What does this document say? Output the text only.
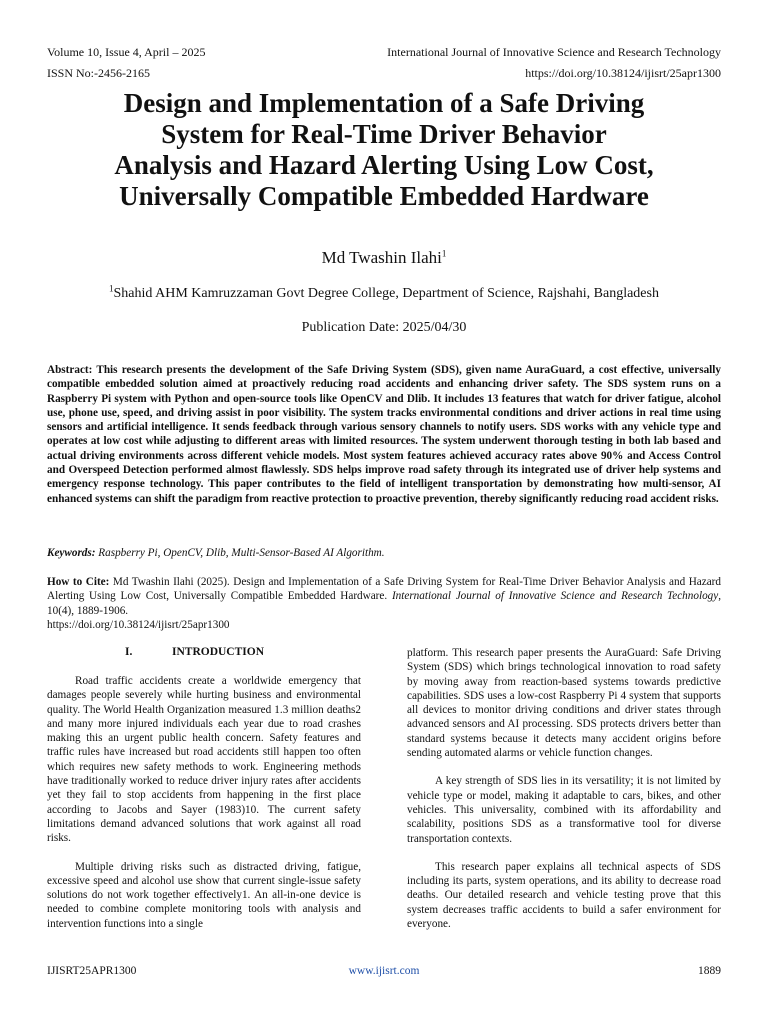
Volume 10, Issue 4, April – 2025	International Journal of Innovative Science and Research Technology
ISSN No:-2456-2165	https://doi.org/10.38124/ijisrt/25apr1300
Design and Implementation of a Safe Driving
System for Real-Time Driver Behavior
Analysis and Hazard Alerting Using Low Cost,
Universally Compatible Embedded Hardware
Md Twashin Ilahi$^1$
$^1$Shahid AHM Kamruzzaman Govt Degree College, Department of Science, Rajshahi, Bangladesh
Publication Date: 2025/04/30
Abstract: This research presents the development of the Safe Driving System (SDS), given name AuraGuard, a cost effective, universally compatible embedded solution aimed at proactively reducing road accidents and enhancing driver safety. The SDS system runs on a Raspberry Pi system with Python and open-source tools like OpenCV and Dlib. It includes 13 features that watch for driver fatigue, alcohol use, phone use, speed, and driving assist in poor visibility. The system tracks environmental conditions and driver actions in real time using sensors and artificial intelligence. It sends feedback through various sensory channels to notify users. SDS works with any vehicle type and operates at low cost while adjusting to different areas with limited resources. The system underwent thorough testing in both lab based and actual driving environments across different vehicle models. Most system features achieved accuracy rates above 90% and Access Control and Overspeed Detection performed almost flawlessly. SDS helps improve road safety through its integrated use of driver help systems and emergency response technology. This paper contributes to the field of intelligent transportation by demonstrating how multi-sensor, AI enhanced systems can shift the paradigm from reactive protection to proactive prevention, thereby significantly reducing road accident risks.
Keywords: Raspberry Pi, OpenCV, Dlib, Multi-Sensor-Based AI Algorithm.
How to Cite: Md Twashin Ilahi (2025). Design and Implementation of a Safe Driving System for Real-Time Driver Behavior Analysis and Hazard Alerting Using Low Cost, Universally Compatible Embedded Hardware. International Journal of Innovative Science and Research Technology, 10(4), 1889-1906.
https://doi.org/10.38124/ijisrt/25apr1300
I.	INTRODUCTION

Road traffic accidents create a worldwide emergency that damages people severely while hurting business and environmental quality. The World Health Organization measured 1.3 million deaths2 and many more injured individuals each year due to road crashes making this an urgent public health concern. Safety features and traffic rules have increased but road accidents still happen too often which requires new safety methods to work. Engineering methods have traditionally worked to reduce driver injury rates after accidents yet they fail to stop accidents from happening in the first place according to Jacobs and Sayer (1983)10. The current safety limitations demand advanced solutions that work against all road risks.

Multiple driving risks such as distracted driving, fatigue, excessive speed and alcohol use show that current single-issue safety solutions do not work together effectively1. An all-in-one device is needed to combine complete monitoring tools with analysis and intervention functions into a single

platform. This research paper presents the AuraGuard: Safe Driving System (SDS) which brings technological innovation to road safety by moving away from reaction-based systems towards predictive capabilities. SDS uses a low-cost Raspberry Pi 4 system that supports all devices to monitor driving conditions and driver states through advanced sensors and AI processing. SDS protects drivers better than standard systems because it detects many accident origins before sending automated alarms or vehicle function changes.

A key strength of SDS lies in its versatility; it is not limited by vehicle type or model, making it adaptable to cars, bikes, and other vehicles. This universality, combined with its affordability and scalability, positions SDS as a transformative tool for diverse transportation contexts.

This research paper explains all technical aspects of SDS including its parts, system operations, and its ability to decrease road deaths. Our detailed research and vehicle testing prove that this system decreases traffic accidents to build a safer environment for everyone.

IJISRT25APR1300	www.ijisrt.com	1889
